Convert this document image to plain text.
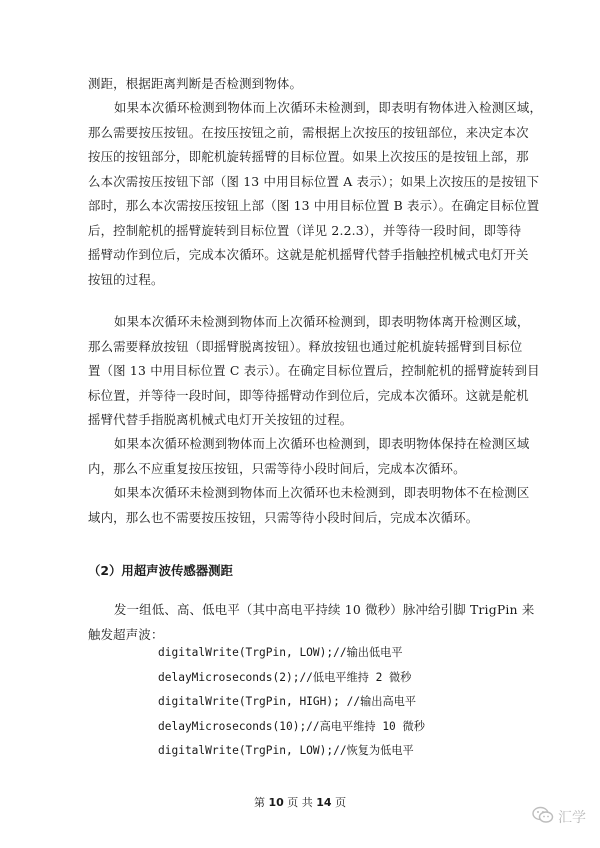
测距，根据距离判断是否检测到物体。
如果本次循环检测到物体而上次循环未检测到，即表明有物体进入检测区域，
那么需要按压按钮。在按压按钮之前，需根据上次按压的按钮部位，来决定本次
按压的按钮部分，即舵机旋转摇臂的目标位置。如果上次按压的是按钮上部，那
么本次需按压按钮下部（图 13 中用目标位置 A 表示）；如果上次按压的是按钮下
部时，那么本次需按压按钮上部（图 13 中用目标位置 B 表示）。在确定目标位置
后，控制舵机的摇臂旋转到目标位置（详见 2.2.3），并等待一段时间，即等待
摇臂动作到位后，完成本次循环。这就是舵机摇臂代替手指触控机械式电灯开关
按钮的过程。
如果本次循环未检测到物体而上次循环检测到，即表明物体离开检测区域，
那么需要释放按钮（即摇臂脱离按钮）。释放按钮也通过舵机旋转摇臂到目标位
置（图 13 中用目标位置 C 表示）。在确定目标位置后，控制舵机的摇臂旋转到目
标位置，并等待一段时间，即等待摇臂动作到位后，完成本次循环。这就是舵机
摇臂代替手指脱离机械式电灯开关按钮的过程。
如果本次循环检测到物体而上次循环也检测到，即表明物体保持在检测区域
内，那么不应重复按压按钮，只需等待小段时间后，完成本次循环。
如果本次循环未检测到物体而上次循环也未检测到，即表明物体不在检测区
域内，那么也不需要按压按钮，只需等待小段时间后，完成本次循环。
（2）用超声波传感器测距
发一组低、高、低电平（其中高电平持续 10 微秒）脉冲给引脚 TrigPin 来
触发超声波：
digitalWrite(TrgPin, LOW);//输出低电平
delayMicroseconds(2);//低电平维持 2 微秒
digitalWrite(TrgPin, HIGH); //输出高电平
delayMicroseconds(10);//高电平维持 10 微秒
digitalWrite(TrgPin, LOW);//恢复为低电平
第 10 页 共 14 页
汇学
